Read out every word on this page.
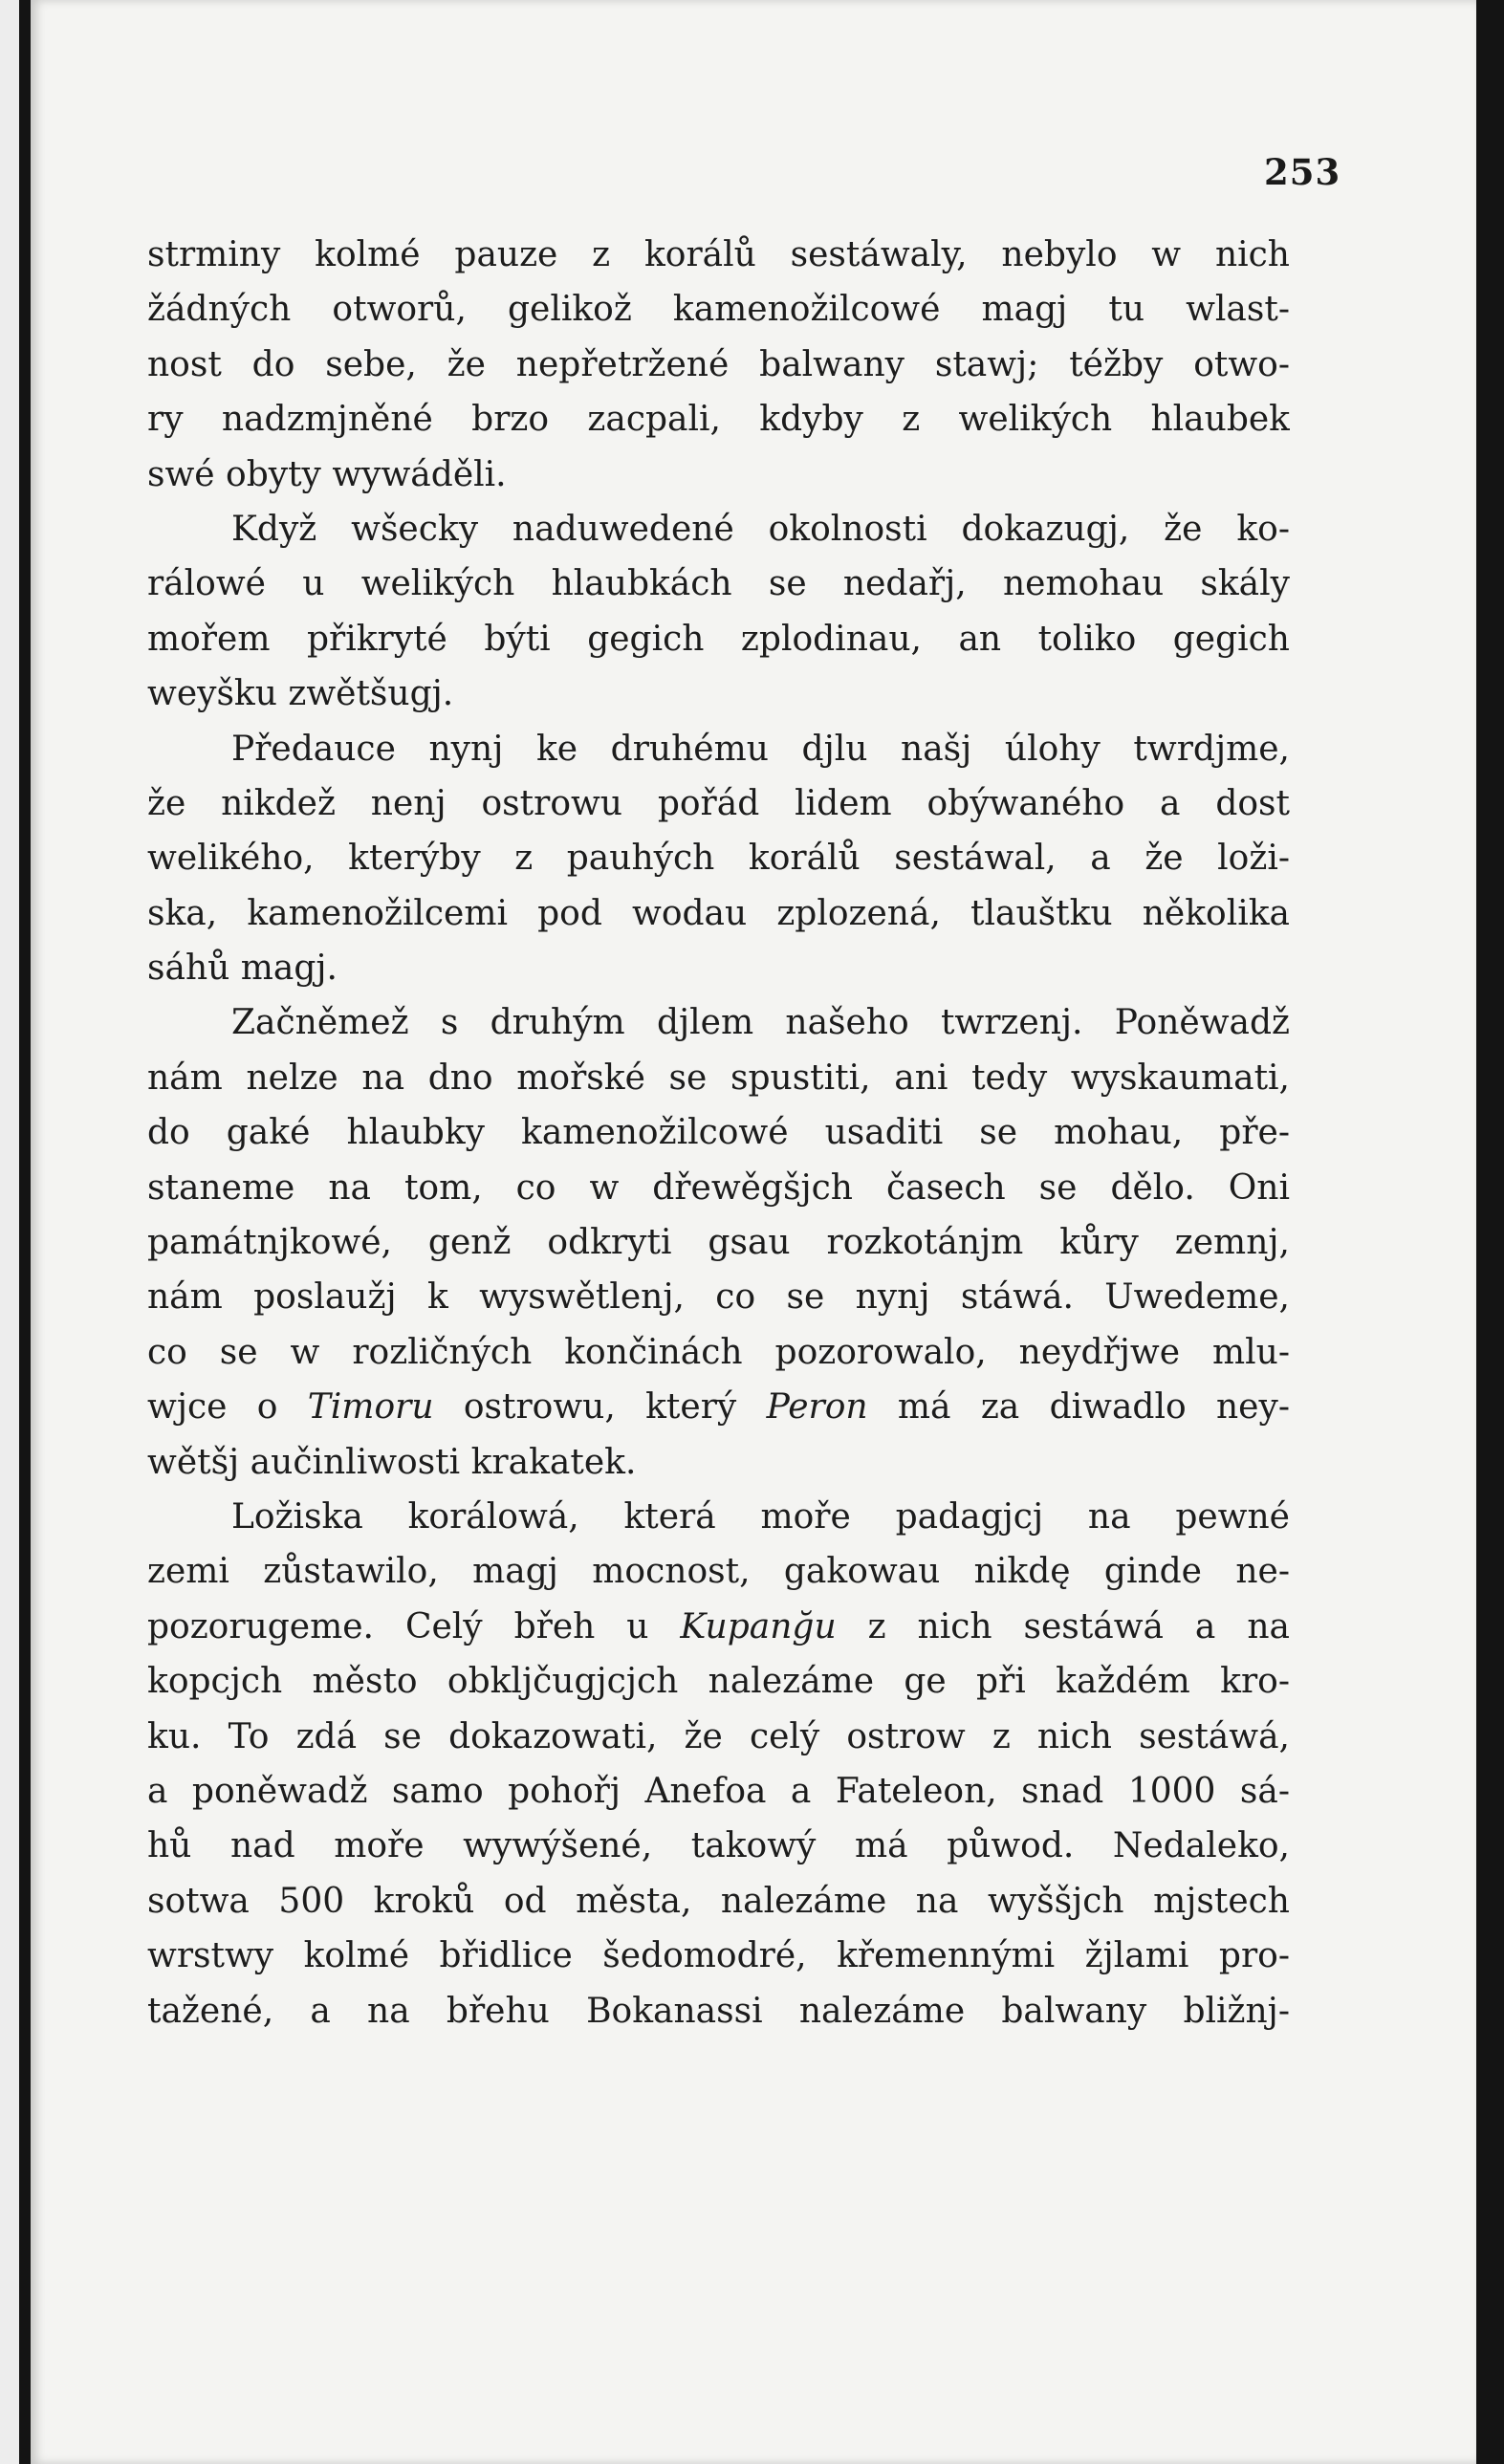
253
strminy kolmé pauze z korálů sestáwaly, nebylo w nich
žádných otworů, gelikož kamenožilcowé magj tu wlast-
nost do sebe, že nepřetržené balwany stawj; téžby otwo-
ry nadzmjněné brzo zacpali, kdyby z welikých hlaubek
swé obyty wywáděli.
Když wšecky naduwedené okolnosti dokazugj, že ko-
rálowé u welikých hlaubkách se nedařj, nemohau skály
mořem přikryté býti gegich zplodinau, an toliko gegich
weyšku zwětšugj.
Předauce nynj ke druhému djlu našj úlohy twrdjme,
že nikdež nenj ostrowu pořád lidem obýwaného a dost
welikého, kterýby z pauhých korálů sestáwal, a že loži-
ska, kamenožilcemi pod wodau zplozená, tlauštku několika
sáhů magj.
Začněmež s druhým djlem našeho twrzenj. Poněwadž
nám nelze na dno mořské se spustiti, ani tedy wyskaumati,
do gaké hlaubky kamenožilcowé usaditi se mohau, pře-
staneme na tom, co w dřewěgšjch časech se dělo. Oni
památnjkowé, genž odkryti gsau rozkotánjm kůry zemnj,
nám poslaužj k wyswětlenj, co se nynj stáwá. Uwedeme,
co se w rozličných končinách pozorowalo, neydřjwe mlu-
wjce o Timoru ostrowu, který Peron má za diwadlo ney-
wětšj aučinliwosti krakatek.
Ložiska korálowá, která moře padagjcj na pewné
zemi zůstawilo, magj mocnost, gakowau nikdę ginde ne-
pozorugeme. Celý břeh u Kupanğu z nich sestáwá a na
kopcjch město obkljčugjcjch nalezáme ge při každém kro-
ku. To zdá se dokazowati, že celý ostrow z nich sestáwá,
a poněwadž samo pohořj Anefoa a Fateleon, snad 1000 sá-
hů nad moře wywýšené, takowý má půwod. Nedaleko,
sotwa 500 kroků od města, nalezáme na wyššjch mjstech
wrstwy kolmé břidlice šedomodré, křemennými žjlami pro-
tažené, a na břehu Bokanassi nalezáme balwany bližnj-
